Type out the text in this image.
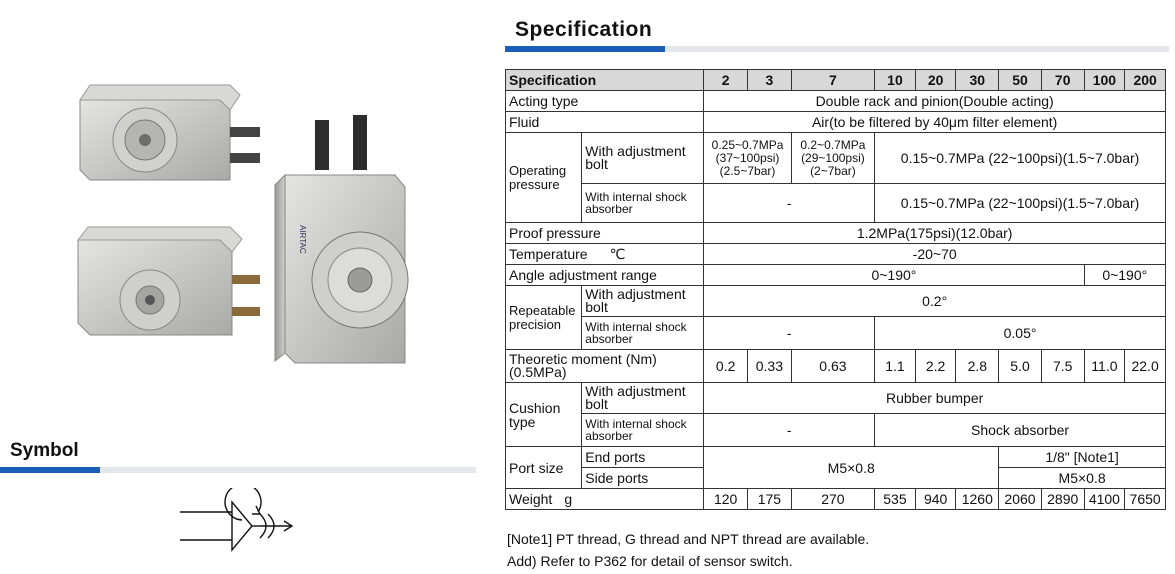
AIRTAC
Symbol
Specification
Specification		2	3	7	10	20	30	50	70	100	200
Acting type		Double rack and pinion(Double acting)									
Fluid		Air(to be filtered by 40μm filter element)									
Operating pressure	With adjustment bolt	0.25~0.7MPa (37~100psi) (2.5~7bar)		0.2~0.7MPa (29~100psi) (2~7bar)	0.15~0.7MPa (22~100psi)(1.5~7.0bar)						
	With internal shock absorber	-			0.15~0.7MPa (22~100psi)(1.5~7.0bar)						
Proof pressure		1.2MPa(175psi)(12.0bar)									
Temperature ℃		-20~70									
Angle adjustment range		0~190°								0~190°	
Repeatable precision	With adjustment bolt	0.2°									
	With internal shock absorber	-			0.05°						
Theoretic moment (Nm)(0.5MPa)		0.2	0.33	0.63	1.1	2.2	2.8	5.0	7.5	11.0	22.0
Cushion type	With adjustment bolt	Rubber bumper									
	With internal shock absorber	-			Shock absorber						
Port size	End ports	M5×0.8						1/8" [Note1]			
	Side ports							M5×0.8			
Weight g		120	175	270	535	940	1260	2060	2890	4100	7650
[Note1] PT thread, G thread and NPT thread are available.
Add) Refer to P362 for detail of sensor switch.
